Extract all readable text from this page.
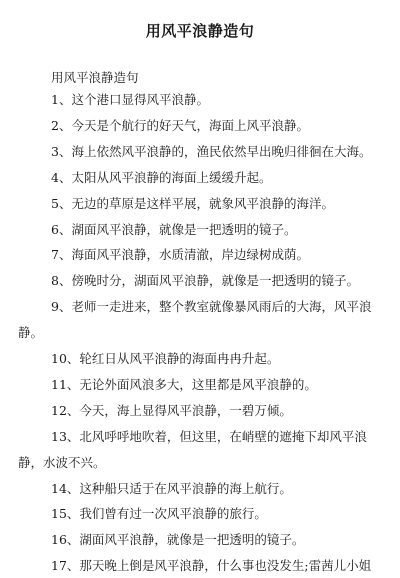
用风平浪静造句
用风平浪静造句
1、这个港口显得风平浪静。
2、今天是个航行的好天气，海面上风平浪静。
3、海上依然风平浪静的，渔民依然早出晚归徘徊在大海。
4、太阳从风平浪静的海面上缓缓升起。
5、无边的草原是这样平展，就象风平浪静的海洋。
6、湖面风平浪静，就像是一把透明的镜子。
7、海面风平浪静，水质清澈，岸边绿树成荫。
8、傍晚时分，湖面风平浪静，就像是一把透明的镜子。
9、老师一走进来，整个教室就像暴风雨后的大海，风平浪
静。
10、轮红日从风平浪静的海面冉冉升起。
11、无论外面风浪多大，这里都是风平浪静的。
12、今天，海上显得风平浪静，一碧万倾。
13、北风呼呼地吹着，但这里，在峭壁的遮掩下却风平浪
静，水波不兴。
14、这种船只适于在风平浪静的海上航行。
15、我们曾有过一次风平浪静的旅行。
16、湖面风平浪静，就像是一把透明的镜子。
17、那天晚上倒是风平浪静，什么事也没发生;雷茜儿小姐
